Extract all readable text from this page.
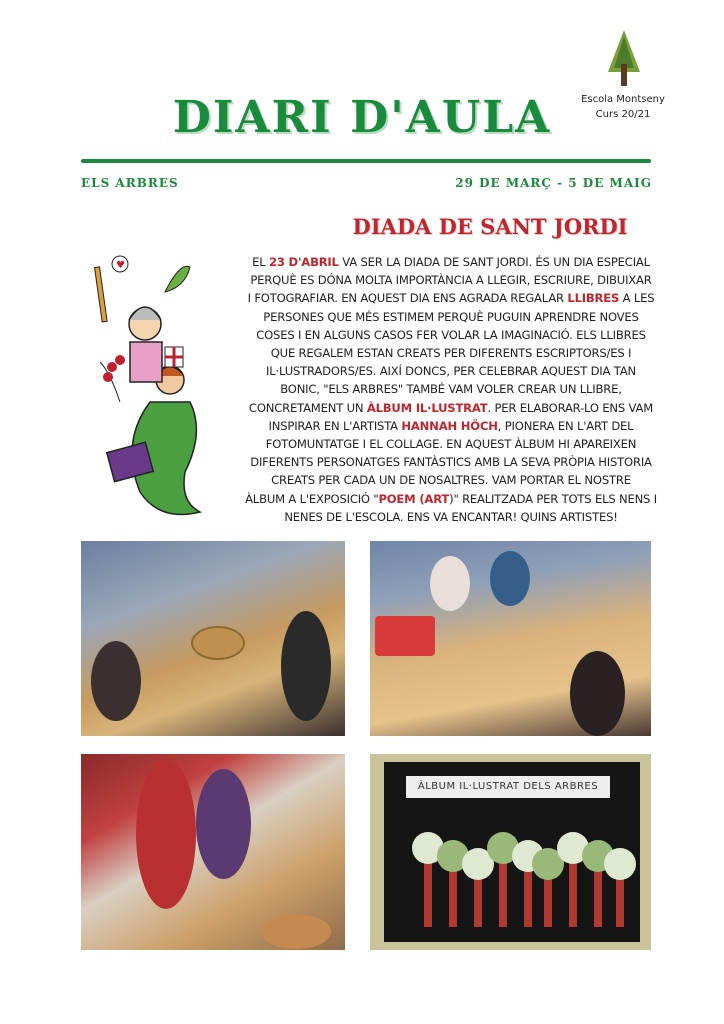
Escola Montseny
Curs 20/21
DIARI D'AULA
ELS ARBRES	29 DE MARÇ - 5 DE MAIG
♥
DIADA DE SANT JORDI
EL 23 D'ABRIL VA SER LA DIADA DE SANT JORDI. ÉS UN DIA ESPECIAL
PERQUÈ ES DÓNA MOLTA IMPORTÀNCIA A LLEGIR, ESCRIURE, DIBUIXAR
I FOTOGRAFIAR. EN AQUEST DIA ENS AGRADA REGALAR LLIBRES A LES
PERSONES QUE MÉS ESTIMEM PERQUÈ PUGUIN APRENDRE NOVES
COSES I EN ALGUNS CASOS FER VOLAR LA IMAGINACIÓ. ELS LLIBRES
QUE REGALEM ESTAN CREATS PER DIFERENTS ESCRIPTORS/ES I
IL·LUSTRADORS/ES. AIXÍ DONCS, PER CELEBRAR AQUEST DIA TAN
BONIC, "ELS ARBRES" TAMBÉ VAM VOLER CREAR UN LLIBRE,
CONCRETAMENT UN ÀLBUM IL·LUSTRAT. PER ELABORAR-LO ENS VAM
INSPIRAR EN L'ARTISTA HANNAH HÖCH, PIONERA EN L'ART DEL
FOTOMUNTATGE I EL COLLAGE. EN AQUEST ÀLBUM HI APAREIXEN
DIFERENTS PERSONATGES FANTÀSTICS AMB LA SEVA PRÒPIA HISTORIA
CREATS PER CADA UN DE NOSALTRES. VAM PORTAR EL NOSTRE
ÀLBUM A L'EXPOSICIÓ "POEM (ART)" REALITZADA PER TOTS ELS NENS I
NENES DE L'ESCOLA. ENS VA ENCANTAR! QUINS ARTISTES!
ÀLBUM IL·LUSTRAT DELS ARBRES
